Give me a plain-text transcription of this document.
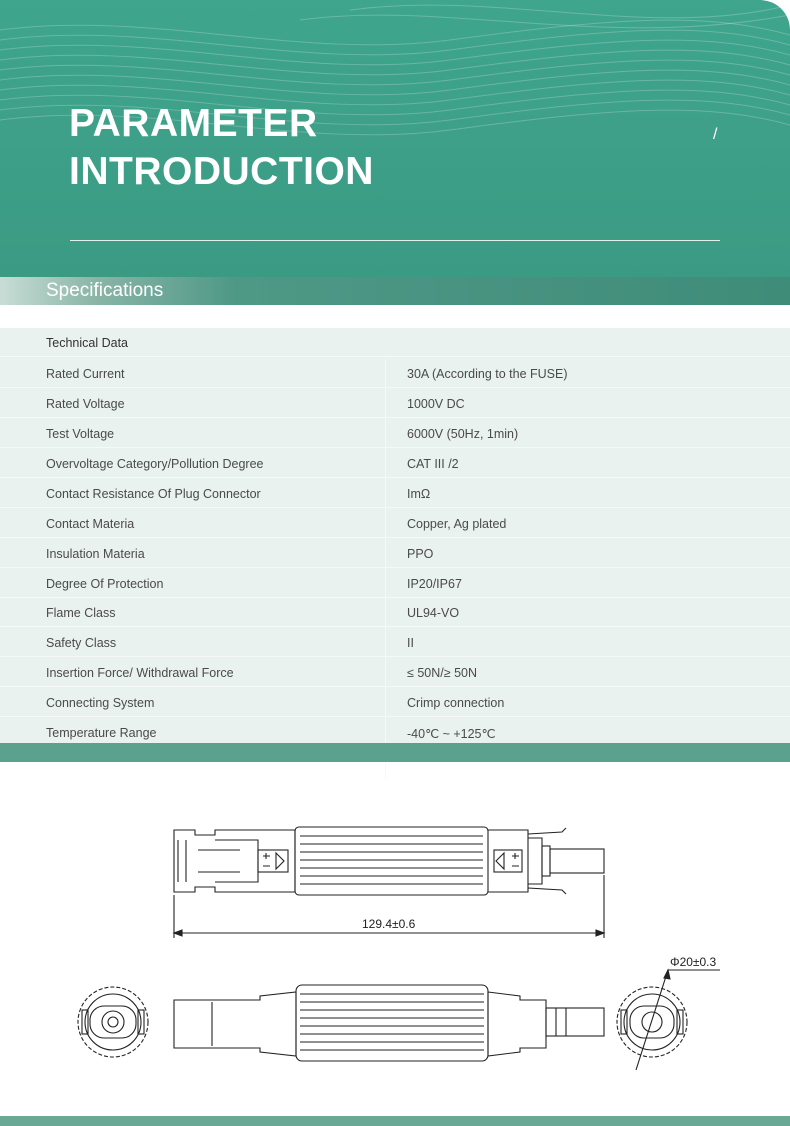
PARAMETER
INTRODUCTION
/
Specifications
Technical Data
Rated Current	30A (According to the FUSE)
Rated Voltage	1000V DC
Test Voltage	6000V (50Hz, 1min)
Overvoltage Category/Pollution Degree	CAT III /2
Contact Resistance Of Plug Connector	ImΩ
Contact Materia	Copper, Ag plated
Insulation Materia	PPO
Degree Of Protection	IP20/IP67
Flame Class	UL94-VO
Safety Class	II
Insertion Force/ Withdrawal Force	≤ 50N/≥ 50N
Connecting System	Crimp connection
Temperature Range	-40℃ ~ +125℃
129.4±0.6
Φ20±0.3
